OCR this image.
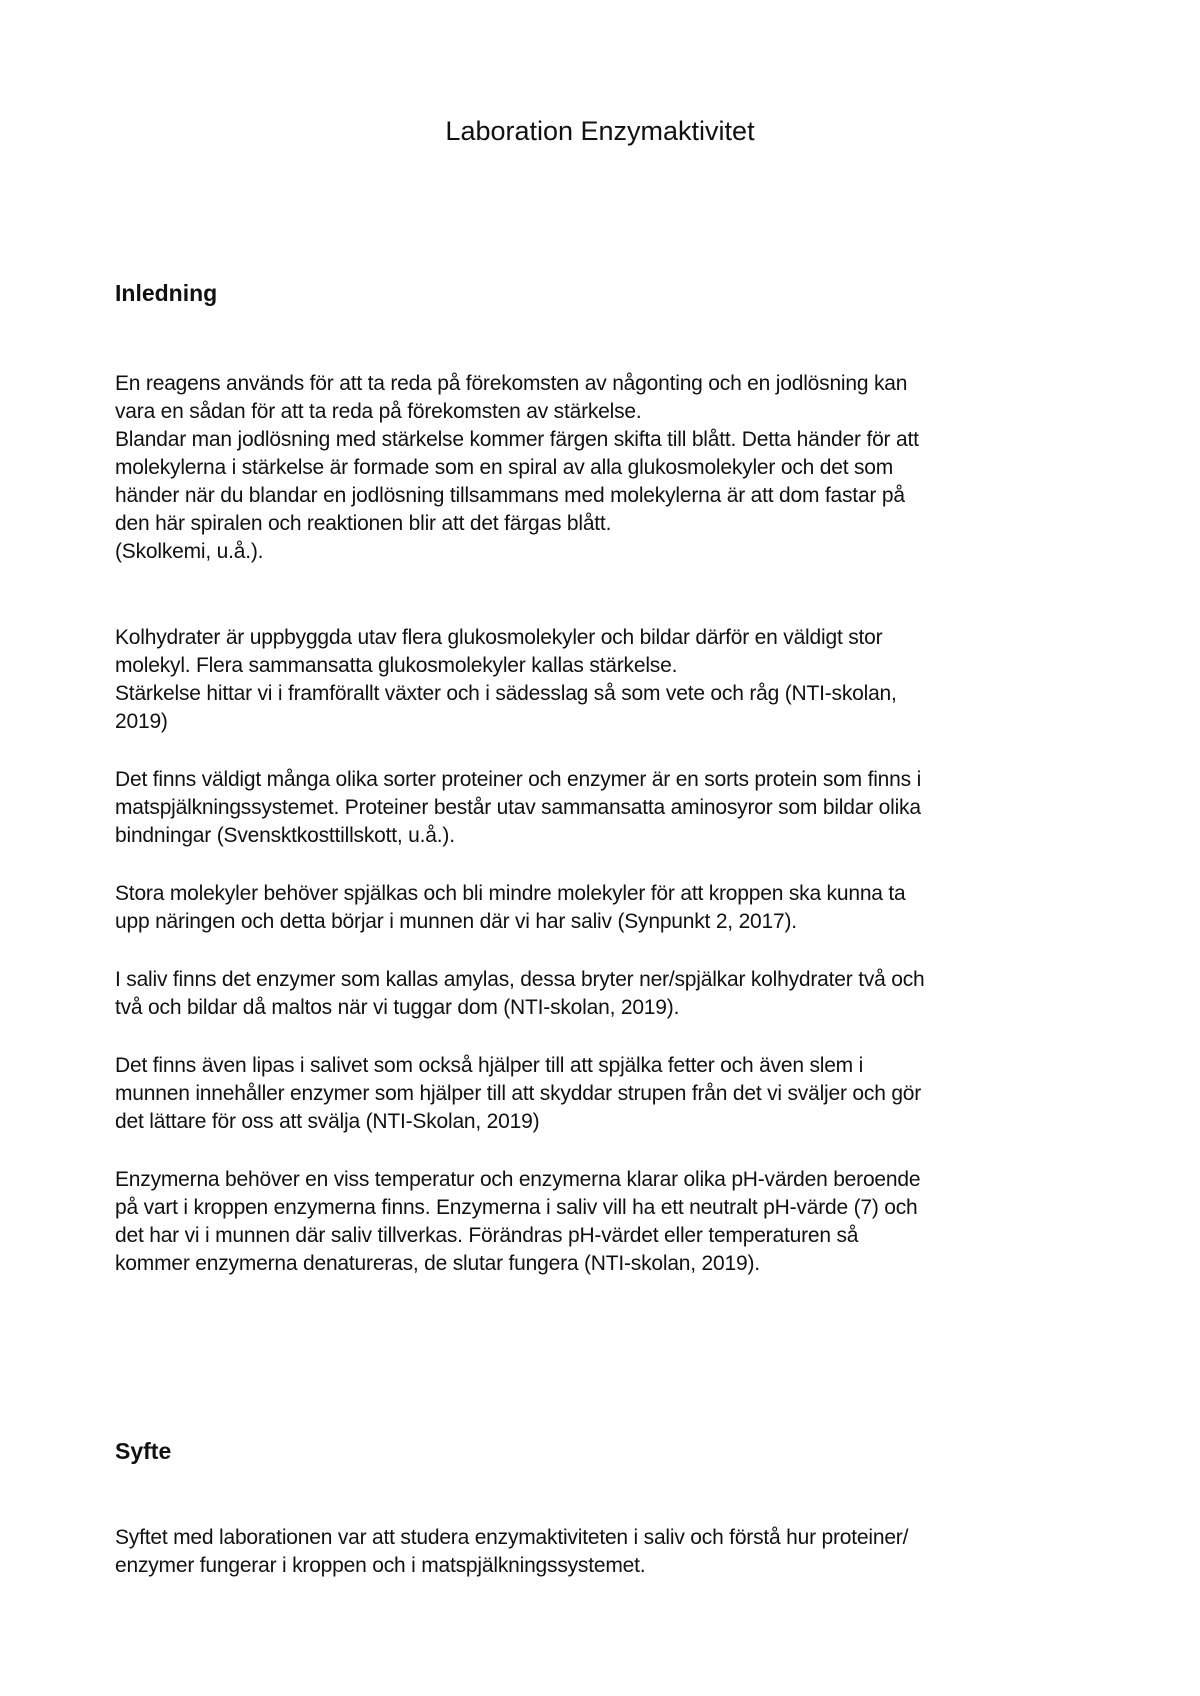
Laboration Enzymaktivitet
Inledning

En reagens används för att ta reda på förekomsten av någonting och en jodlösning kan

vara en sådan för att ta reda på förekomsten av stärkelse.

Blandar man jodlösning med stärkelse kommer färgen skifta till blått. Detta händer för att

molekylerna i stärkelse är formade som en spiral av alla glukosmolekyler och det som

händer när du blandar en jodlösning tillsammans med molekylerna är att dom fastar på

den här spiralen och reaktionen blir att det färgas blått.

(Skolkemi, u.å.).

Kolhydrater är uppbyggda utav flera glukosmolekyler och bildar därför en väldigt stor

molekyl. Flera sammansatta glukosmolekyler kallas stärkelse.

Stärkelse hittar vi i framförallt växter och i sädesslag så som vete och råg (NTI-skolan,

2019)

Det finns väldigt många olika sorter proteiner och enzymer är en sorts protein som finns i

matspjälkningssystemet. Proteiner består utav sammansatta aminosyror som bildar olika

bindningar (Svensktkosttillskott, u.å.).

Stora molekyler behöver spjälkas och bli mindre molekyler för att kroppen ska kunna ta

upp näringen och detta börjar i munnen där vi har saliv (Synpunkt 2, 2017).

I saliv finns det enzymer som kallas amylas, dessa bryter ner/spjälkar kolhydrater två och

två och bildar då maltos när vi tuggar dom (NTI-skolan, 2019).

Det finns även lipas i salivet som också hjälper till att spjälka fetter och även slem i

munnen innehåller enzymer som hjälper till att skyddar strupen från det vi sväljer och gör

det lättare för oss att svälja (NTI-Skolan, 2019)

Enzymerna behöver en viss temperatur och enzymerna klarar olika pH-värden beroende

på vart i kroppen enzymerna finns. Enzymerna i saliv vill ha ett neutralt pH-värde (7) och

det har vi i munnen där saliv tillverkas. Förändras pH-värdet eller temperaturen så

kommer enzymerna denatureras, de slutar fungera (NTI-skolan, 2019).

Syfte

Syftet med laborationen var att studera enzymaktiviteten i saliv och förstå hur proteiner/

enzymer fungerar i kroppen och i matspjälkningssystemet.
